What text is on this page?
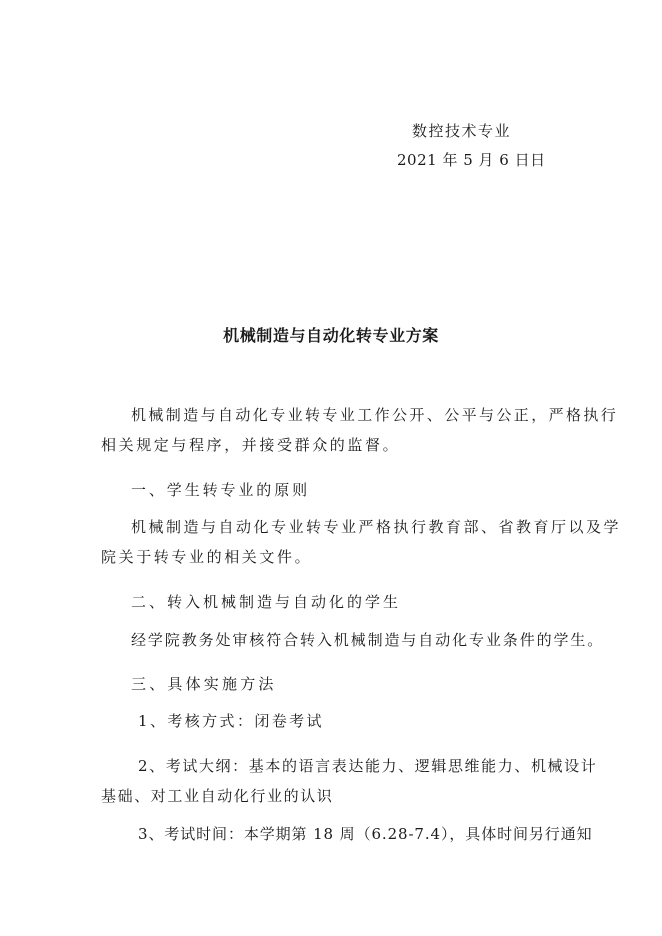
数控技术专业
2021 年 5 月 6 日日
机械制造与自动化转专业方案
机械制造与自动化专业转专业工作公开、公平与公正，严格执行
相关规定与程序，并接受群众的监督。
一、学生转专业的原则
机械制造与自动化专业转专业严格执行教育部、省教育厅以及学
院关于转专业的相关文件。
二、转入机械制造与自动化的学生
经学院教务处审核符合转入机械制造与自动化专业条件的学生。
三、具体实施方法
1、考核方式：闭卷考试
2、考试大纲：基本的语言表达能力、逻辑思维能力、机械设计
基础、对工业自动化行业的认识
3、考试时间：本学期第 18 周（6.28-7.4），具体时间另行通知
